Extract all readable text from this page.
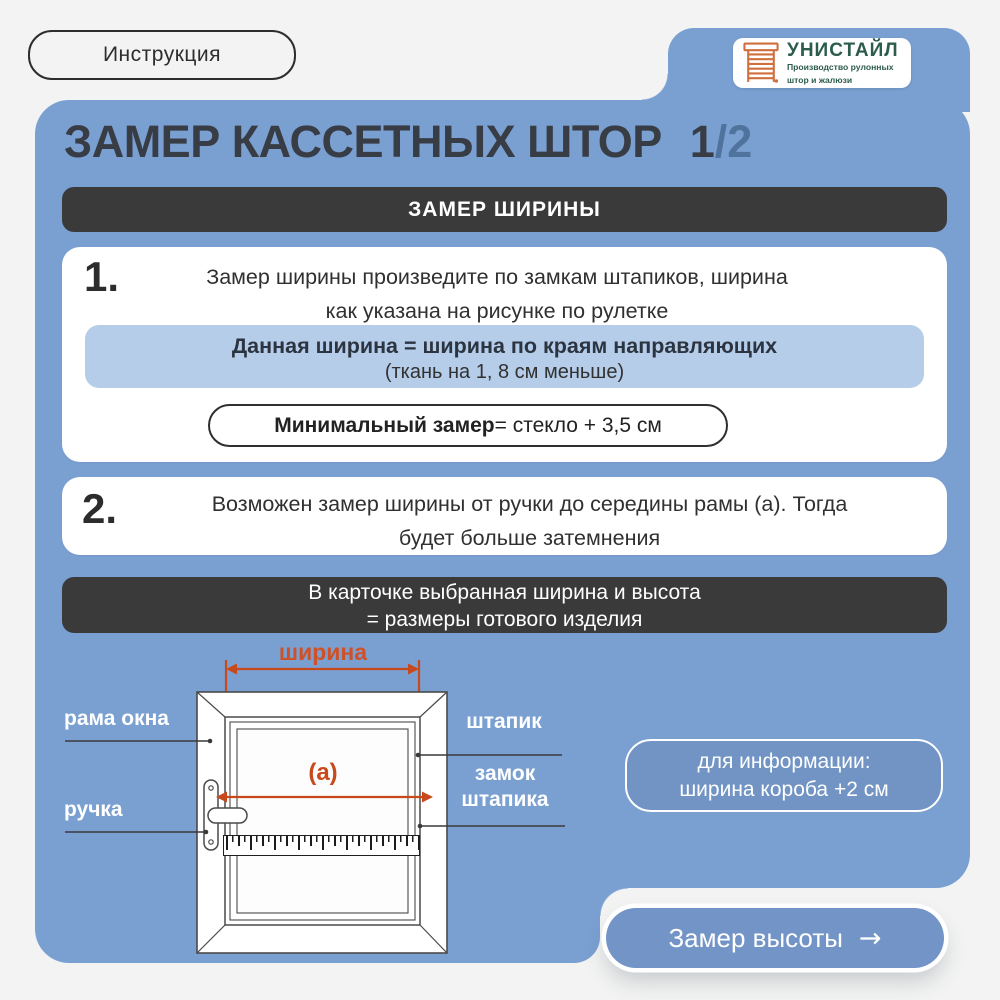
Инструкция	УНИСТАЙЛ
Производство рулонных
штор и жалюзи
ЗАМЕР КАССЕТНЫХ ШТОР 1/2
ЗАМЕР ШИРИНЫ
1.	Замер ширины произведите по замкам штапиков, ширина
как указана на рисунке по рулетке
Данная ширина = ширина по краям направляющих
(ткань на 1, 8 см меньше)
Минимальный замер = стекло + 3,5 см
2.	Возможен замер ширины от ручки до середины рамы (а). Тогда
будет больше затемнения
В карточке выбранная ширина и высота
= размеры готового изделия
ширина
(а)
рама окна
ручка
штапик
замок
штапика
для информации:
ширина короба +2 см
Замер высоты →
